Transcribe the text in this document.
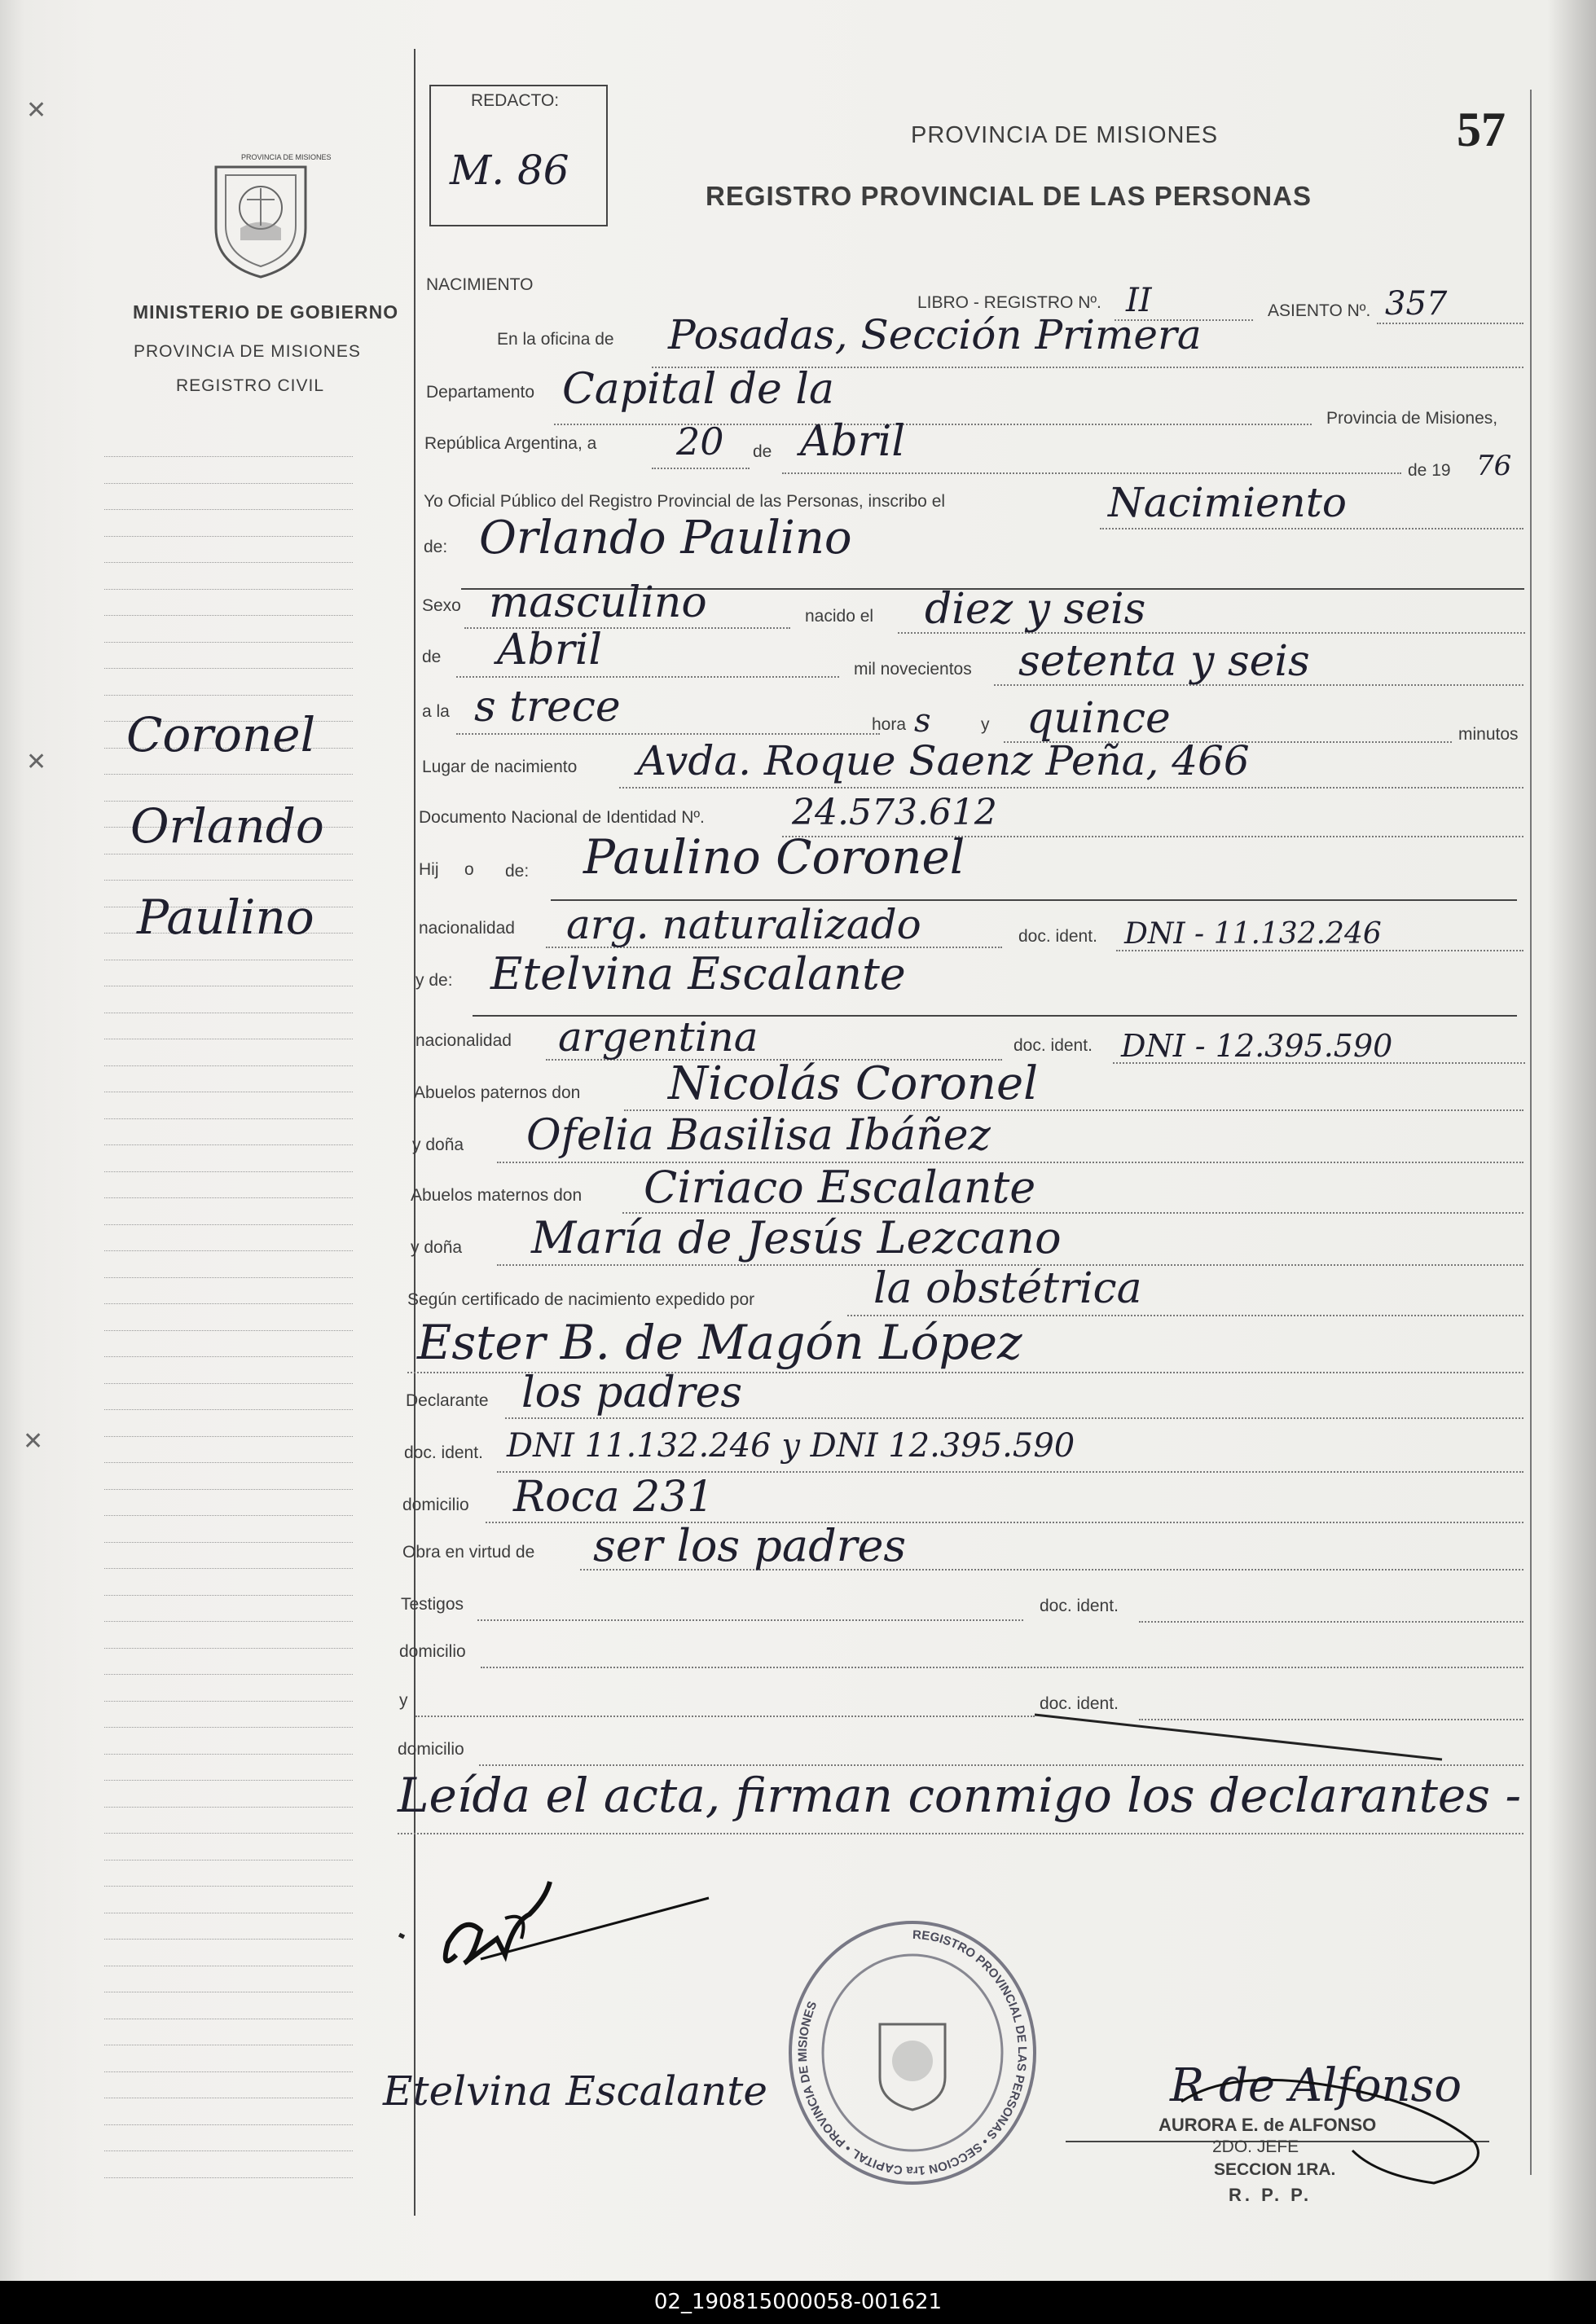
✕
✕
✕
PROVINCIA DE MISIONES
MINISTERIO DE GOBIERNO
PROVINCIA DE MISIONES
REGISTRO CIVIL
Coronel
Orlando
Paulino
REDACTO:
M. 86
PROVINCIA DE MISIONES
REGISTRO PROVINCIAL DE LAS PERSONAS
57
NACIMIENTO
LIBRO - REGISTRO Nº. II	ASIENTO Nº. 357
En la oficina de Posadas, Sección Primera
Departamento Capital de la
Provincia de Misiones,
República Argentina, a 20 de Abril
de 19 76
Yo Oficial Público del Registro Provincial de las Personas, inscribo el	Nacimiento
de: Orlando Paulino
Sexo masculino	nacido el diez y seis
de Abril	mil novecientos setenta y seis
a la s trece	hora s	y quince	minutos
Lugar de nacimiento Avda. Roque Saenz Peña, 466
Documento Nacional de Identidad Nº. 24.573.612
Hij o de: Paulino Coronel
nacionalidad arg. naturalizado	doc. ident. DNI - 11.132.246
y de: Etelvina Escalante
nacionalidad argentina	doc. ident. DNI - 12.395.590
Abuelos paternos don Nicolás Coronel
y doña Ofelia Basilisa Ibáñez
Abuelos maternos don Ciriaco Escalante
y doña María de Jesús Lezcano
Según certificado de nacimiento expedido por	la obstétrica
Ester B. de Magón López
Declarante los padres
doc. ident. DNI 11.132.246 y DNI 12.395.590
domicilio Roca 231
Obra en virtud de ser los padres
Testigos	doc. ident.
domicilio
y	doc. ident.
domicilio
Leída el acta, firman conmigo los declarantes -
Etelvina Escalante
REGISTRO PROVINCIAL DE LAS PERSONAS • SECCION 1ra CAPITAL • PROVINCIA DE MISIONES
R de Alfonso
AURORA E. de ALFONSO
2DO. JEFE
SECCION 1RA.
R. P. P.
02_190815000058-001621
